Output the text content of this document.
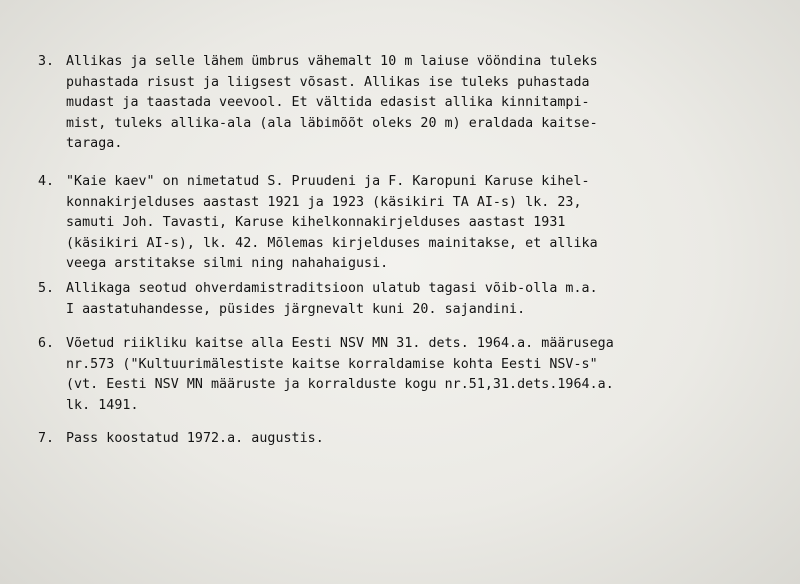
3. Allikas ja selle lähem ümbrus vähemalt 10 m laiuse vööndina tuleks
puhastada risust ja liigsest võsast. Allikas ise tuleks puhastada
mudast ja taastada veevool. Et vältida edasist allika kinnitampi-
mist, tuleks allika-ala (ala läbimõõt oleks 20 m) eraldada kaitse-
taraga.
4. "Kaie kaev" on nimetatud S. Pruudeni ja F. Karopuni Karuse kihel-
konnakirjelduses aastast 1921 ja 1923 (käsikiri TA AI-s) lk. 23,
samuti Joh. Tavasti, Karuse kihelkonnakirjelduses aastast 1931
(käsikiri AI-s), lk. 42. Mõlemas kirjelduses mainitakse, et allika
veega arstitakse silmi ning nahahaigusi.
5. Allikaga seotud ohverdamistraditsioon ulatub tagasi võib-olla m.a.
I aastatuhandesse, püsides järgnevalt kuni 20. sajandini.
6. Võetud riikliku kaitse alla Eesti NSV MN 31. dets. 1964.a. määrusega
nr.573 ("Kultuurimälestiste kaitse korraldamise kohta Eesti NSV-s"
(vt. Eesti NSV MN määruste ja korralduste kogu nr.51,31.dets.1964.a.
lk. 1491.
7. Pass koostatud 1972.a. augustis.
